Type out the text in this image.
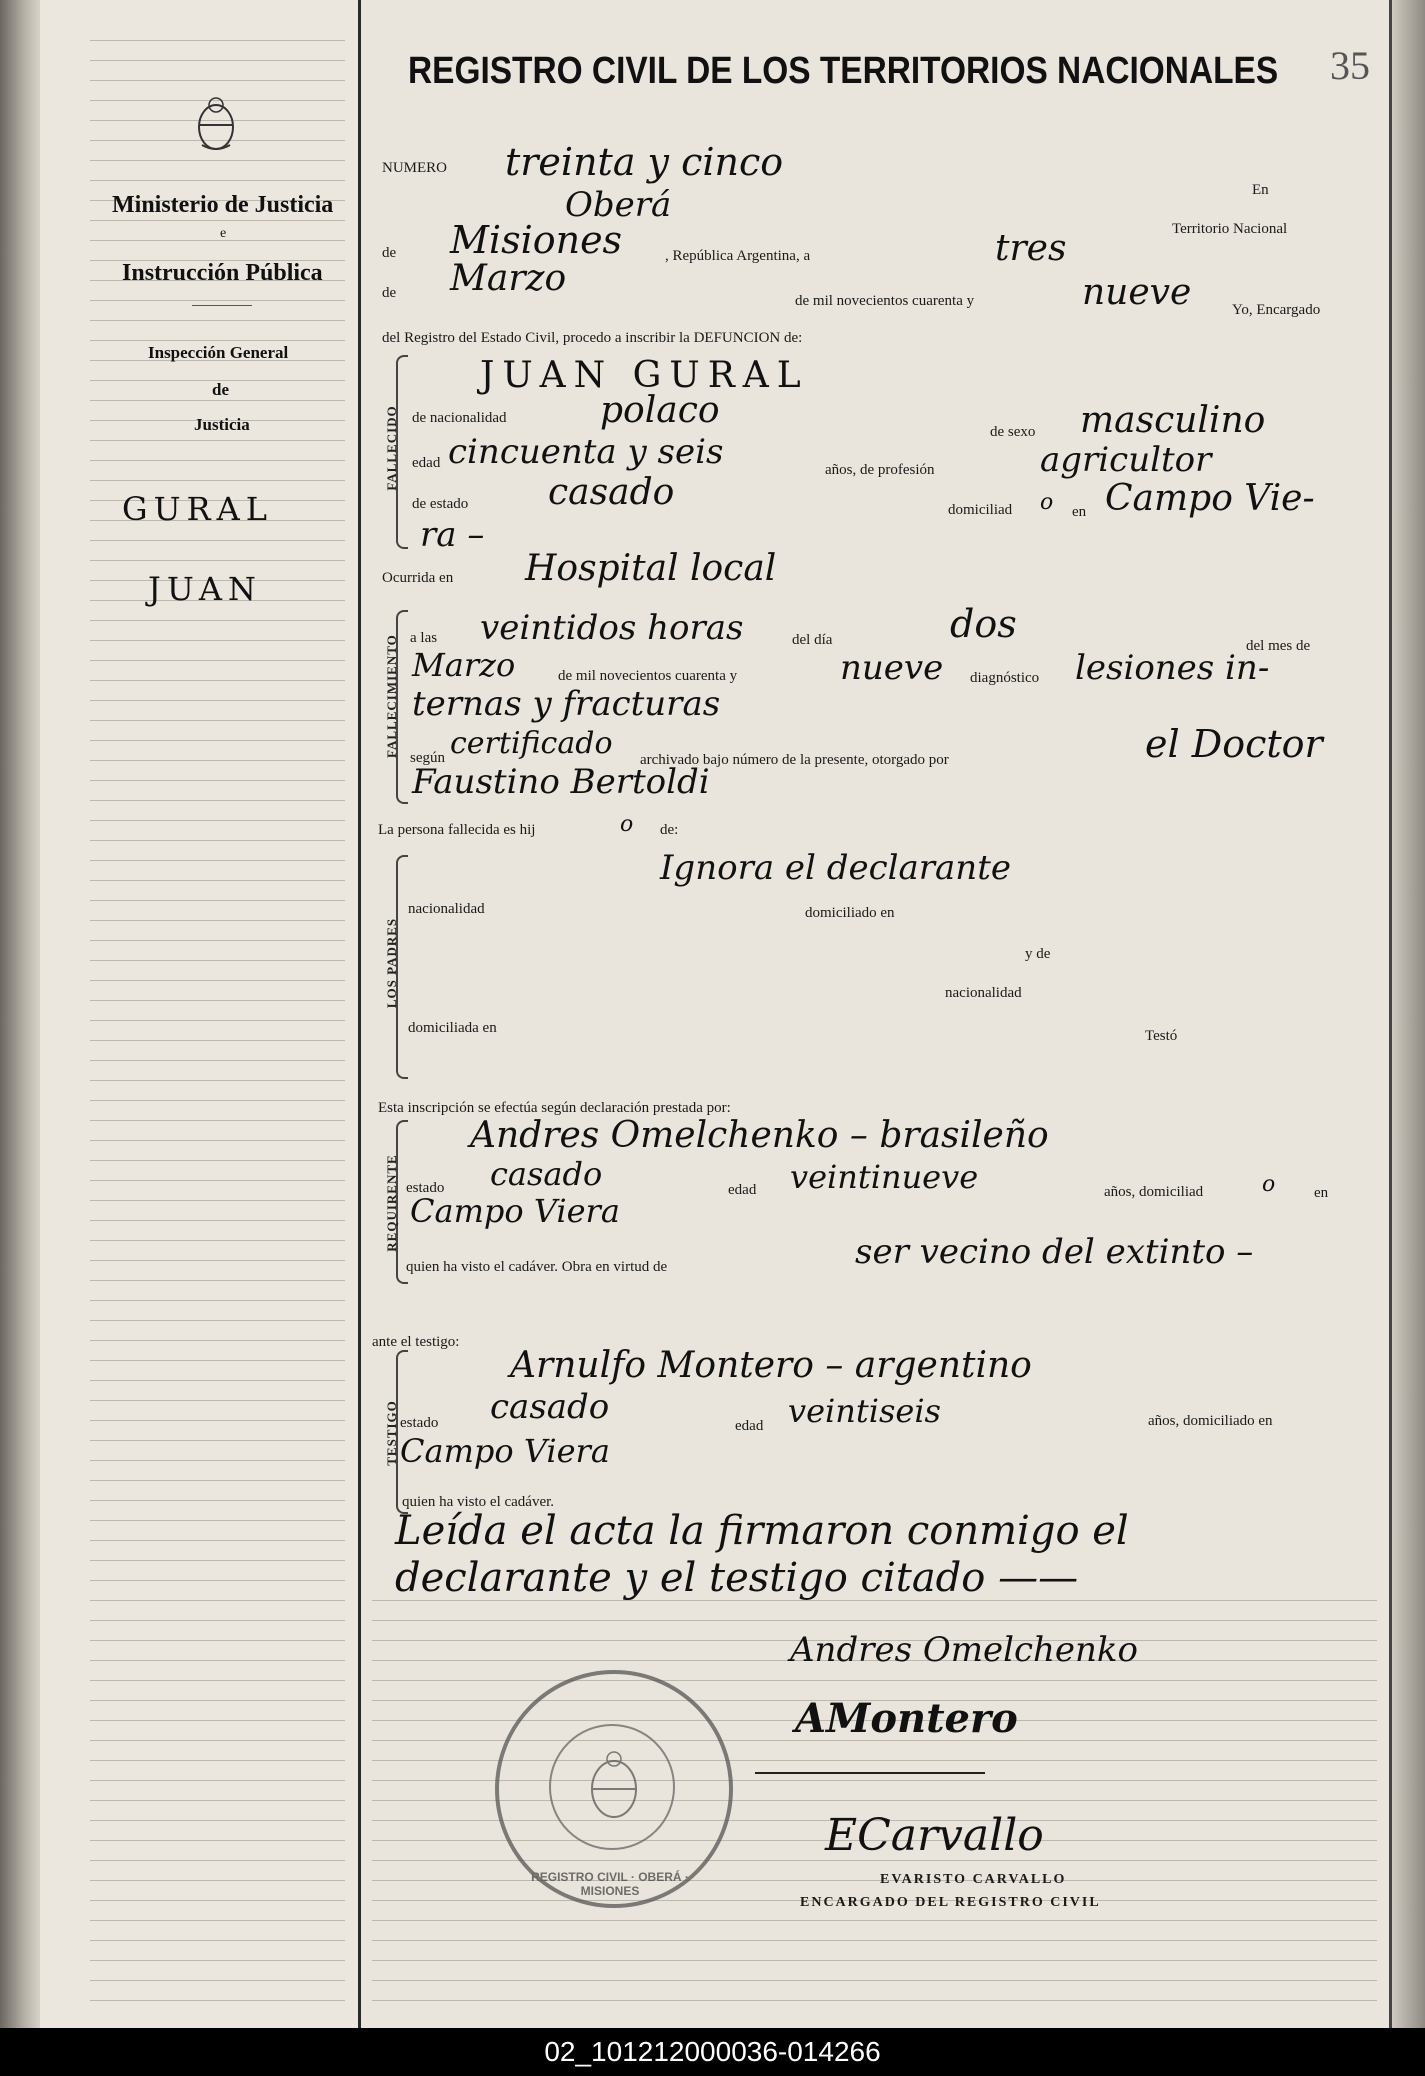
Ministerio de Justicia
e
Instrucción Pública
Inspección General
de
Justicia
GURAL
JUAN
REGISTRO CIVIL DE LOS TERRITORIOS NACIONALES 35
NUMERO treinta y cinco
En
Oberá
Territorio Nacional
de Misiones	, República Argentina, a	tres
de Marzo
de mil novecientos cuarenta y	nueve	Yo, Encargado
del Registro del Estado Civil, procedo a inscribir la DEFUNCION de:
FALLECIDO
JUAN GURAL
de nacionalidad	polaco
de sexo masculino
edad cincuenta y seis	años, de profesión	agricultor
de estado casado	domiciliad o en Campo Vie-
ra –
Ocurrida en Hospital local
FALLECIMIENTO a las veintidos horas	del día	dos	del mes de
Marzo	de mil novecientos cuarenta y	nueve diagnóstico lesiones in-
ternas y fracturas
según certificado archivado bajo número de la presente, otorgado por	el Doctor
Faustino Bertoldi
La persona fallecida es hij	o de:
LOS PADRES
Ignora el declarante
nacionalidad	domiciliado en
y de
nacionalidad
domiciliada en	Testó
Esta inscripción se efectúa según declaración prestada por:
REQUIRENTE
Andres Omelchenko – brasileño
estado casado	edad veintinueve	años, domiciliad	o	en
Campo Viera
quien ha visto el cadáver. Obra en virtud de	ser vecino del extinto –
ante el testigo:
TESTIGO
Arnulfo Montero – argentino
estado casado	edad veintiseis	años, domiciliado en
Campo Viera
quien ha visto el cadáver.
Leída el acta la firmaron conmigo el
declarante y el testigo citado ——
Andres Omelchenko
AMontero
ECarvallo
EVARISTO CARVALLO
ENCARGADO DEL REGISTRO CIVIL
REGISTRO CIVIL · OBERÁ · MISIONES
02_101212000036-014266
